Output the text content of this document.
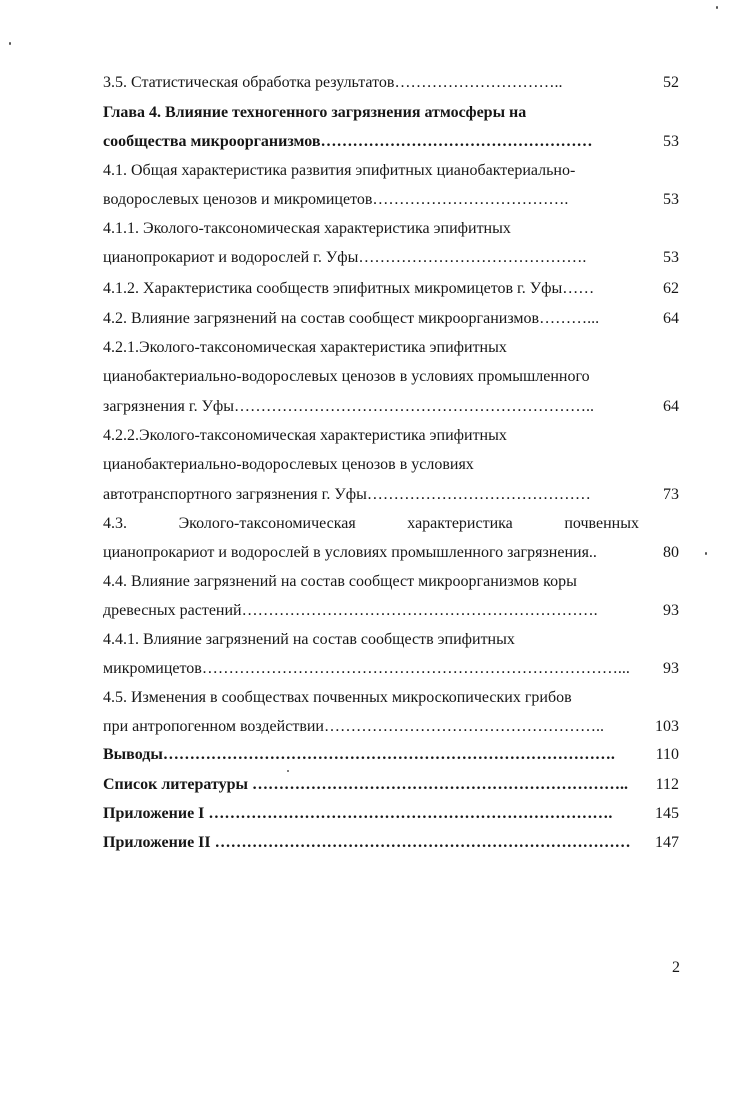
3.5. Статистическая обработка результатов…………………………..	52
Глава 4. Влияние техногенного загрязнения атмосферы на
сообщества микроорганизмов……………………………………………	53
4.1. Общая характеристика развития эпифитных цианобактериально-
водорослевых ценозов и микромицетов……………………………….	53
4.1.1. Эколого-таксономическая характеристика эпифитных
цианопрокариот и водорослей г. Уфы…………………………………….	53
4.1.2. Характеристика сообществ эпифитных микромицетов г. Уфы……	62
4.2. Влияние загрязнений на состав сообщест микроорганизмов………...	64
4.2.1.Эколого-таксономическая характеристика эпифитных
цианобактериально-водорослевых ценозов в условиях промышленного
загрязнения г. Уфы…………………………………………………………..	64
4.2.2.Эколого-таксономическая характеристика эпифитных
цианобактериально-водорослевых ценозов в условиях
автотранспортного загрязнения г. Уфы……………………………………	73
4.3. Эколого-таксономическая характеристика почвенных
цианопрокариот и водорослей в условиях промышленного загрязнения..	80
4.4. Влияние загрязнений на состав сообщест микроорганизмов коры
древесных растений………………………………………………………….	93
4.4.1. Влияние загрязнений на состав сообществ эпифитных
микромицетов……………………………………………………………………...	93
4.5. Изменения в сообществах почвенных микроскопических грибов
при антропогенном воздействии……………………………………………..	103
Выводы………………………………………………………………………….	110
Список литературы ……………………………………………………………..	112
Приложение I ………………………………………………………………….	145
Приложение II ……………………………………………………………………	147
2
